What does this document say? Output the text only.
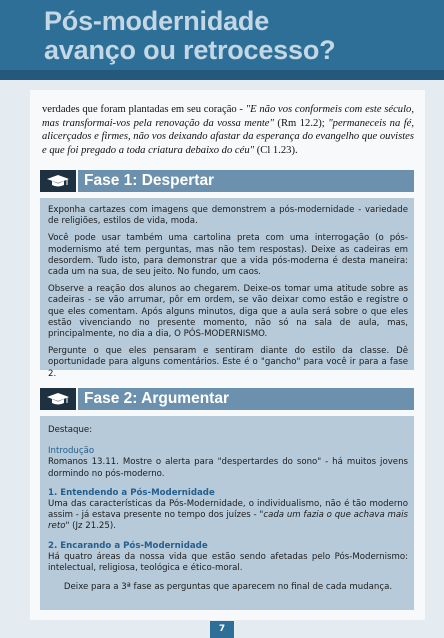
Pós-modernidade
avanço ou retrocesso?
verdades que foram plantadas em seu coração - "E não vos conformeis com este século, mas transformai-vos pela renovação da vossa mente" (Rm 12.2); "permaneceis na fé, alicerçados e firmes, não vos deixando afastar da esperança do evangelho que ouvistes e que foi pregado a toda criatura debaixo do céu" (Cl 1.23).
Fase 1: Despertar

Exponha cartazes com imagens que demonstrem a pós-modernidade - variedade de religiões, estilos de vida, moda.

Você pode usar também uma cartolina preta com uma interrogação (o pós-modernismo até tem perguntas, mas não tem respostas). Deixe as cadeiras em desordem. Tudo isto, para demonstrar que a vida pós-moderna é desta maneira: cada um na sua, de seu jeito. No fundo, um caos.

Observe a reação dos alunos ao chegarem. Deixe-os tomar uma atitude sobre as cadeiras - se vão arrumar, pôr em ordem, se vão deixar como estão e registre o que eles comentam. Após alguns minutos, diga que a aula será sobre o que eles estão vivenciando no presente momento, não só na sala de aula, mas, principalmente, no dia a dia, O PÓS-MODERNISMO.

Pergunte o que eles pensaram e sentiram diante do estilo da classe. Dê oportunidade para alguns comentários. Este é o "gancho" para você ir para a fase 2.

Fase 2: Argumentar

Destaque:

Introdução
Romanos 13.11. Mostre o alerta para "despertardes do sono" - há muitos jovens dormindo no pós-moderno.

1. Entendendo a Pós-Modernidade
Uma das características da Pós-Modernidade, o individualismo, não é tão moderno assim - já estava presente no tempo dos juízes - "cada um fazia o que achava mais reto" (Jz 21.25).

2. Encarando a Pós-Modernidade
Há quatro áreas da nossa vida que estão sendo afetadas pelo Pós-Modernismo: intelectual, religiosa, teológica e ético-moral.

Deixe para a 3ª fase as perguntas que aparecem no final de cada mudança.

7
